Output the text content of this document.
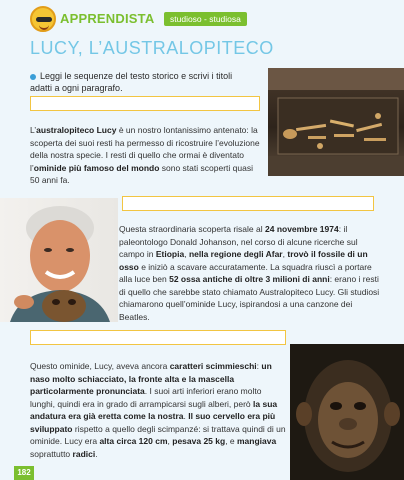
APPRENDISTA	studioso - studiosa
LUCY, L’AUSTRALOPITECO
Leggi le sequenze del testo storico e scrivi i titoli adatti a ogni paragrafo.
L’australopiteco Lucy è un nostro lontanissimo antenato: la scoperta dei suoi resti ha permesso di ricostruire l’evoluzione della nostra specie. I resti di quello che ormai è diventato l’ominide più famoso del mondo sono stati scoperti quasi 50 anni fa.
Questa straordinaria scoperta risale al 24 novembre 1974: il paleontologo Donald Johanson, nel corso di alcune ricerche sul campo in Etiopia, nella regione degli Afar, trovò il fossile di un osso e iniziò a scavare accuratamente. La squadra riuscì a portare alla luce ben 52 ossa antiche di oltre 3 milioni di anni: erano i resti di quello che sarebbe stato chiamato Australopiteco Lucy. Gli studiosi chiamarono quell’ominide Lucy, ispirandosi a una canzone dei Beatles.
Questo ominide, Lucy, aveva ancora caratteri scimmieschi: un naso molto schiacciato, la fronte alta e la mascella particolarmente pronunciata. I suoi arti inferiori erano molto lunghi, quindi era in grado di arrampicarsi sugli alberi, però la sua andatura era già eretta come la nostra. Il suo cervello era più sviluppato rispetto a quello degli scimpanzé: si trattava quindi di un ominide. Lucy era alta circa 120 cm, pesava 25 kg, e mangiava soprattutto radici.
182
